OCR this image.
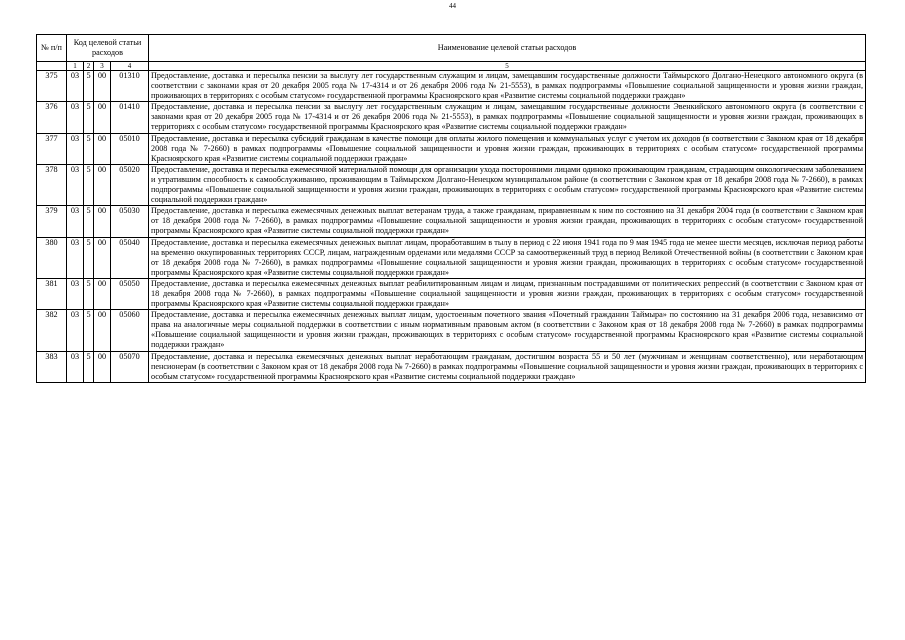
44
№ п/п	Код целевой статьи расходов				Наименование целевой статьи расходов
	1	2	3	4	5
375	03	5	00	01310	Предоставление, доставка и пересылка пенсии за выслугу лет государственным служащим и лицам, замещавшим государственные должности Таймырского Долгано-Ненецкого автономного округа (в соответствии с законами края от 20 декабря 2005 года № 17-4314 и от 26 декабря 2006 года № 21-5553), в рамках подпрограммы «Повышение социальной защищенности и уровня жизни граждан, проживающих в территориях с особым статусом» государственной программы Красноярского края «Развитие системы социальной поддержки граждан»
376	03	5	00	01410	Предоставление, доставка и пересылка пенсии за выслугу лет государственным служащим и лицам, замещавшим государственные должности Эвенкийского автономного округа (в соответствии с законами края от 20 декабря 2005 года № 17-4314 и от 26 декабря 2006 года № 21-5553), в рамках подпрограммы «Повышение социальной защищенности и уровня жизни граждан, проживающих в территориях с особым статусом» государственной программы Красноярского края «Развитие системы социальной поддержки граждан»
377	03	5	00	05010	Предоставление, доставка и пересылка субсидий гражданам в качестве помощи для оплаты жилого помещения и коммунальных услуг с учетом их доходов (в соответствии с Законом края от 18 декабря 2008 года № 7-2660) в рамках подпрограммы «Повышение социальной защищенности и уровня жизни граждан, проживающих в территориях с особым статусом» государственной программы Красноярского края «Развитие системы социальной поддержки граждан»
378	03	5	00	05020	Предоставление, доставка и пересылка ежемесячной материальной помощи для организации ухода посторонними лицами одиноко проживающим гражданам, страдающим онкологическим заболеванием и утратившим способность к самообслуживанию, проживающим в Таймырском Долгано-Ненецком муниципальном районе (в соответствии с Законом края от 18 декабря 2008 года № 7-2660), в рамках подпрограммы «Повышение социальной защищенности и уровня жизни граждан, проживающих в территориях с особым статусом» государственной программы Красноярского края «Развитие системы социальной поддержки граждан»
379	03	5	00	05030	Предоставление, доставка и пересылка ежемесячных денежных выплат ветеранам труда, а также гражданам, приравненным к ним по состоянию на 31 декабря 2004 года (в соответствии с Законом края от 18 декабря 2008 года № 7-2660), в рамках подпрограммы «Повышение социальной защищенности и уровня жизни граждан, проживающих в территориях с особым статусом» государственной программы Красноярского края «Развитие системы социальной поддержки граждан»
380	03	5	00	05040	Предоставление, доставка и пересылка ежемесячных денежных выплат лицам, проработавшим в тылу в период с 22 июня 1941 года по 9 мая 1945 года не менее шести месяцев, исключая период работы на временно оккупированных территориях СССР, лицам, награжденным орденами или медалями СССР за самоотверженный труд в период Великой Отечественной войны (в соответствии с Законом края от 18 декабря 2008 года № 7-2660), в рамках подпрограммы «Повышение социальной защищенности и уровня жизни граждан, проживающих в территориях с особым статусом» государственной программы Красноярского края «Развитие системы социальной поддержки граждан»
381	03	5	00	05050	Предоставление, доставка и пересылка ежемесячных денежных выплат реабилитированным лицам и лицам, признанным пострадавшими от политических репрессий (в соответствии с Законом края от 18 декабря 2008 года № 7-2660), в рамках подпрограммы «Повышение социальной защищенности и уровня жизни граждан, проживающих в территориях с особым статусом» государственной программы Красноярского края «Развитие системы социальной поддержки граждан»
382	03	5	00	05060	Предоставление, доставка и пересылка ежемесячных денежных выплат лицам, удостоенным почетного звания «Почетный гражданин Таймыра» по состоянию на 31 декабря 2006 года, независимо от права на аналогичные меры социальной поддержки в соответствии с иным нормативным правовым актом (в соответствии с Законом края от 18 декабря 2008 года № 7-2660) в рамках подпрограммы «Повышение социальной защищенности и уровня жизни граждан, проживающих в территориях с особым статусом» государственной программы Красноярского края «Развитие системы социальной поддержки граждан»
383	03	5	00	05070	Предоставление, доставка и пересылка ежемесячных денежных выплат неработающим гражданам, достигшим возраста 55 и 50 лет (мужчинам и женщинам соответственно), или неработающим пенсионерам (в соответствии с Законом края от 18 декабря 2008 года № 7-2660) в рамках подпрограммы «Повышение социальной защищенности и уровня жизни граждан, проживающих в территориях с особым статусом» государственной программы Красноярского края «Развитие системы социальной поддержки граждан»
